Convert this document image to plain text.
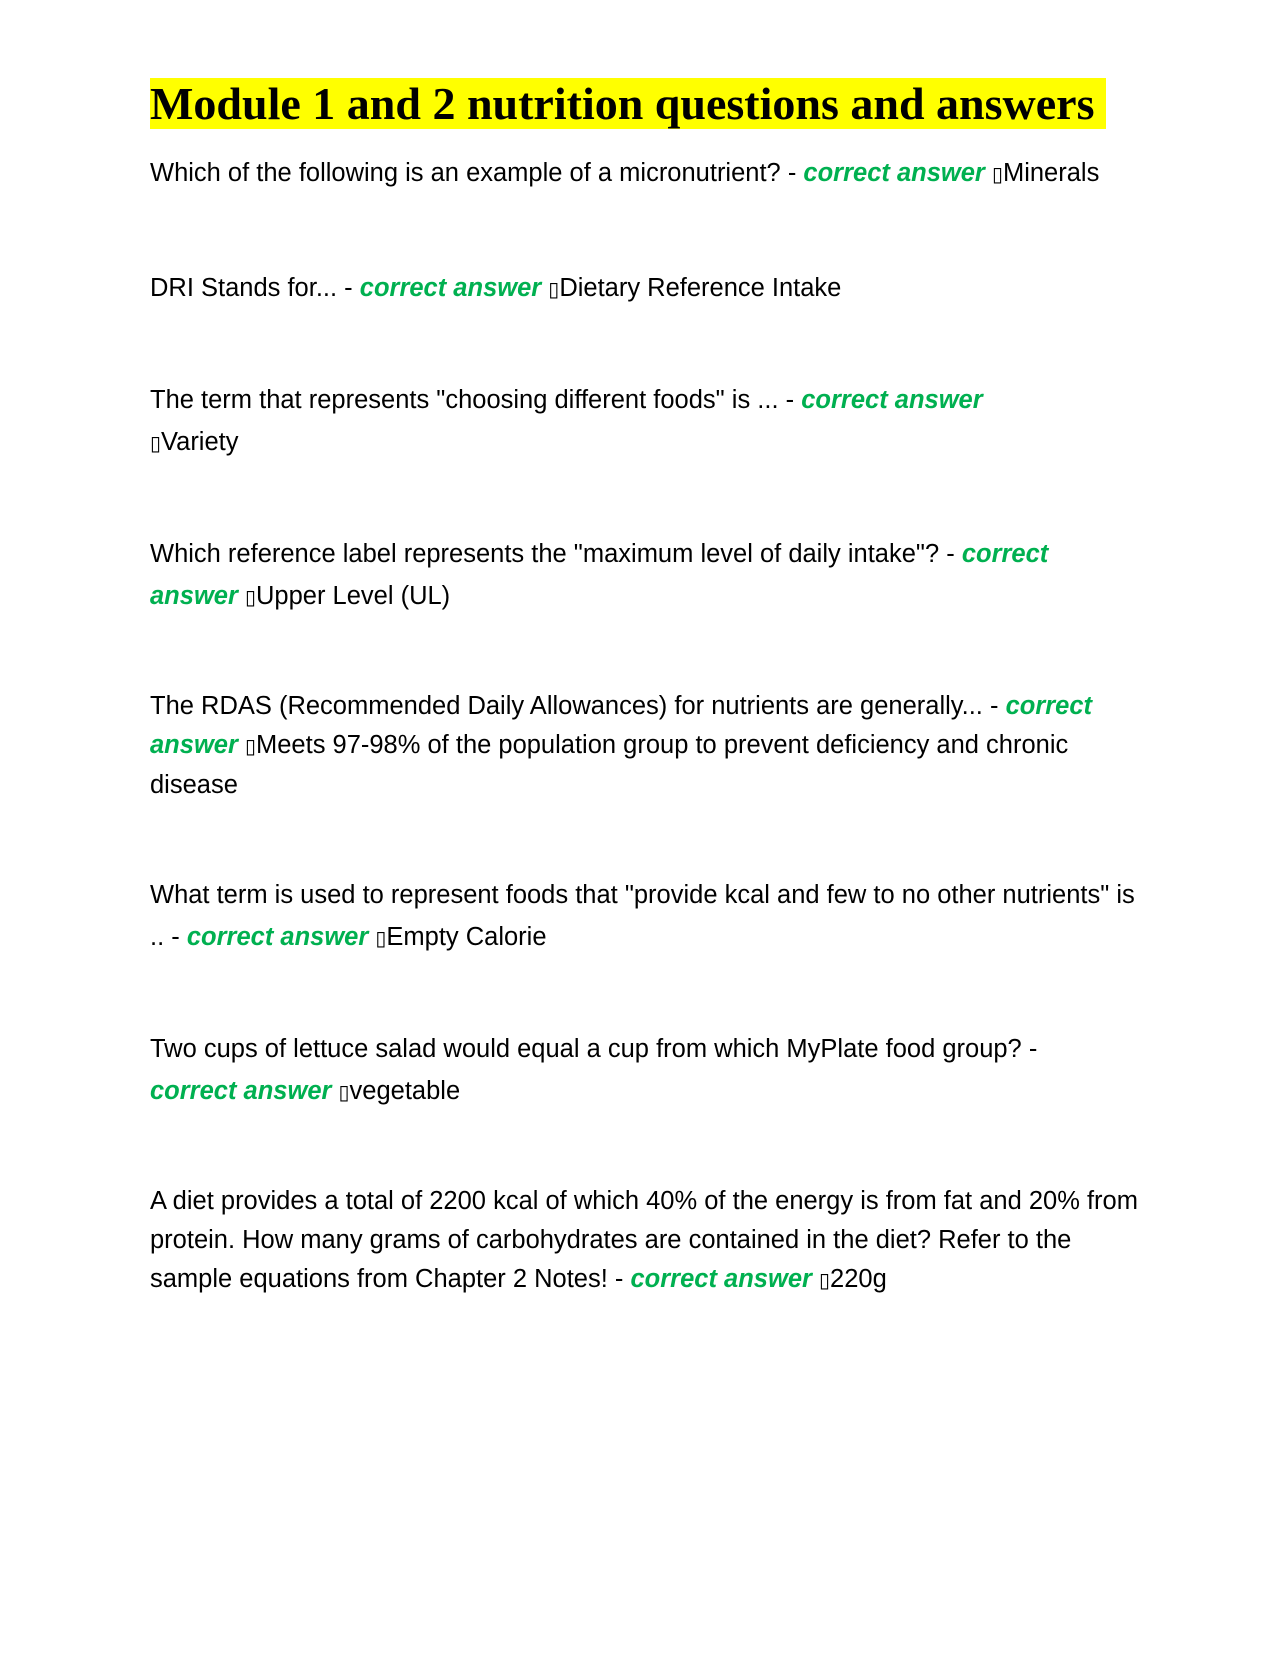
Module 1 and 2 nutrition questions and answers

Which of the following is an example of a micronutrient? - correct answer ▯Minerals

DRI Stands for... - correct answer ▯Dietary Reference Intake

The term that represents "choosing different foods" is ... - correct answer
▯Variety

Which reference label represents the "maximum level of daily intake"? - correct answer ▯Upper Level (UL)

The RDAS (Recommended Daily Allowances) for nutrients are generally... - correct answer ▯Meets 97-98% of the population group to prevent deficiency and chronic disease

What term is used to represent foods that "provide kcal and few to no other nutrients" is .. - correct answer ▯Empty Calorie

Two cups of lettuce salad would equal a cup from which MyPlate food group? -
correct answer ▯vegetable

A diet provides a total of 2200 kcal of which 40% of the energy is from fat and 20% from protein. How many grams of carbohydrates are contained in the diet? Refer to the sample equations from Chapter 2 Notes! - correct answer ▯220g
